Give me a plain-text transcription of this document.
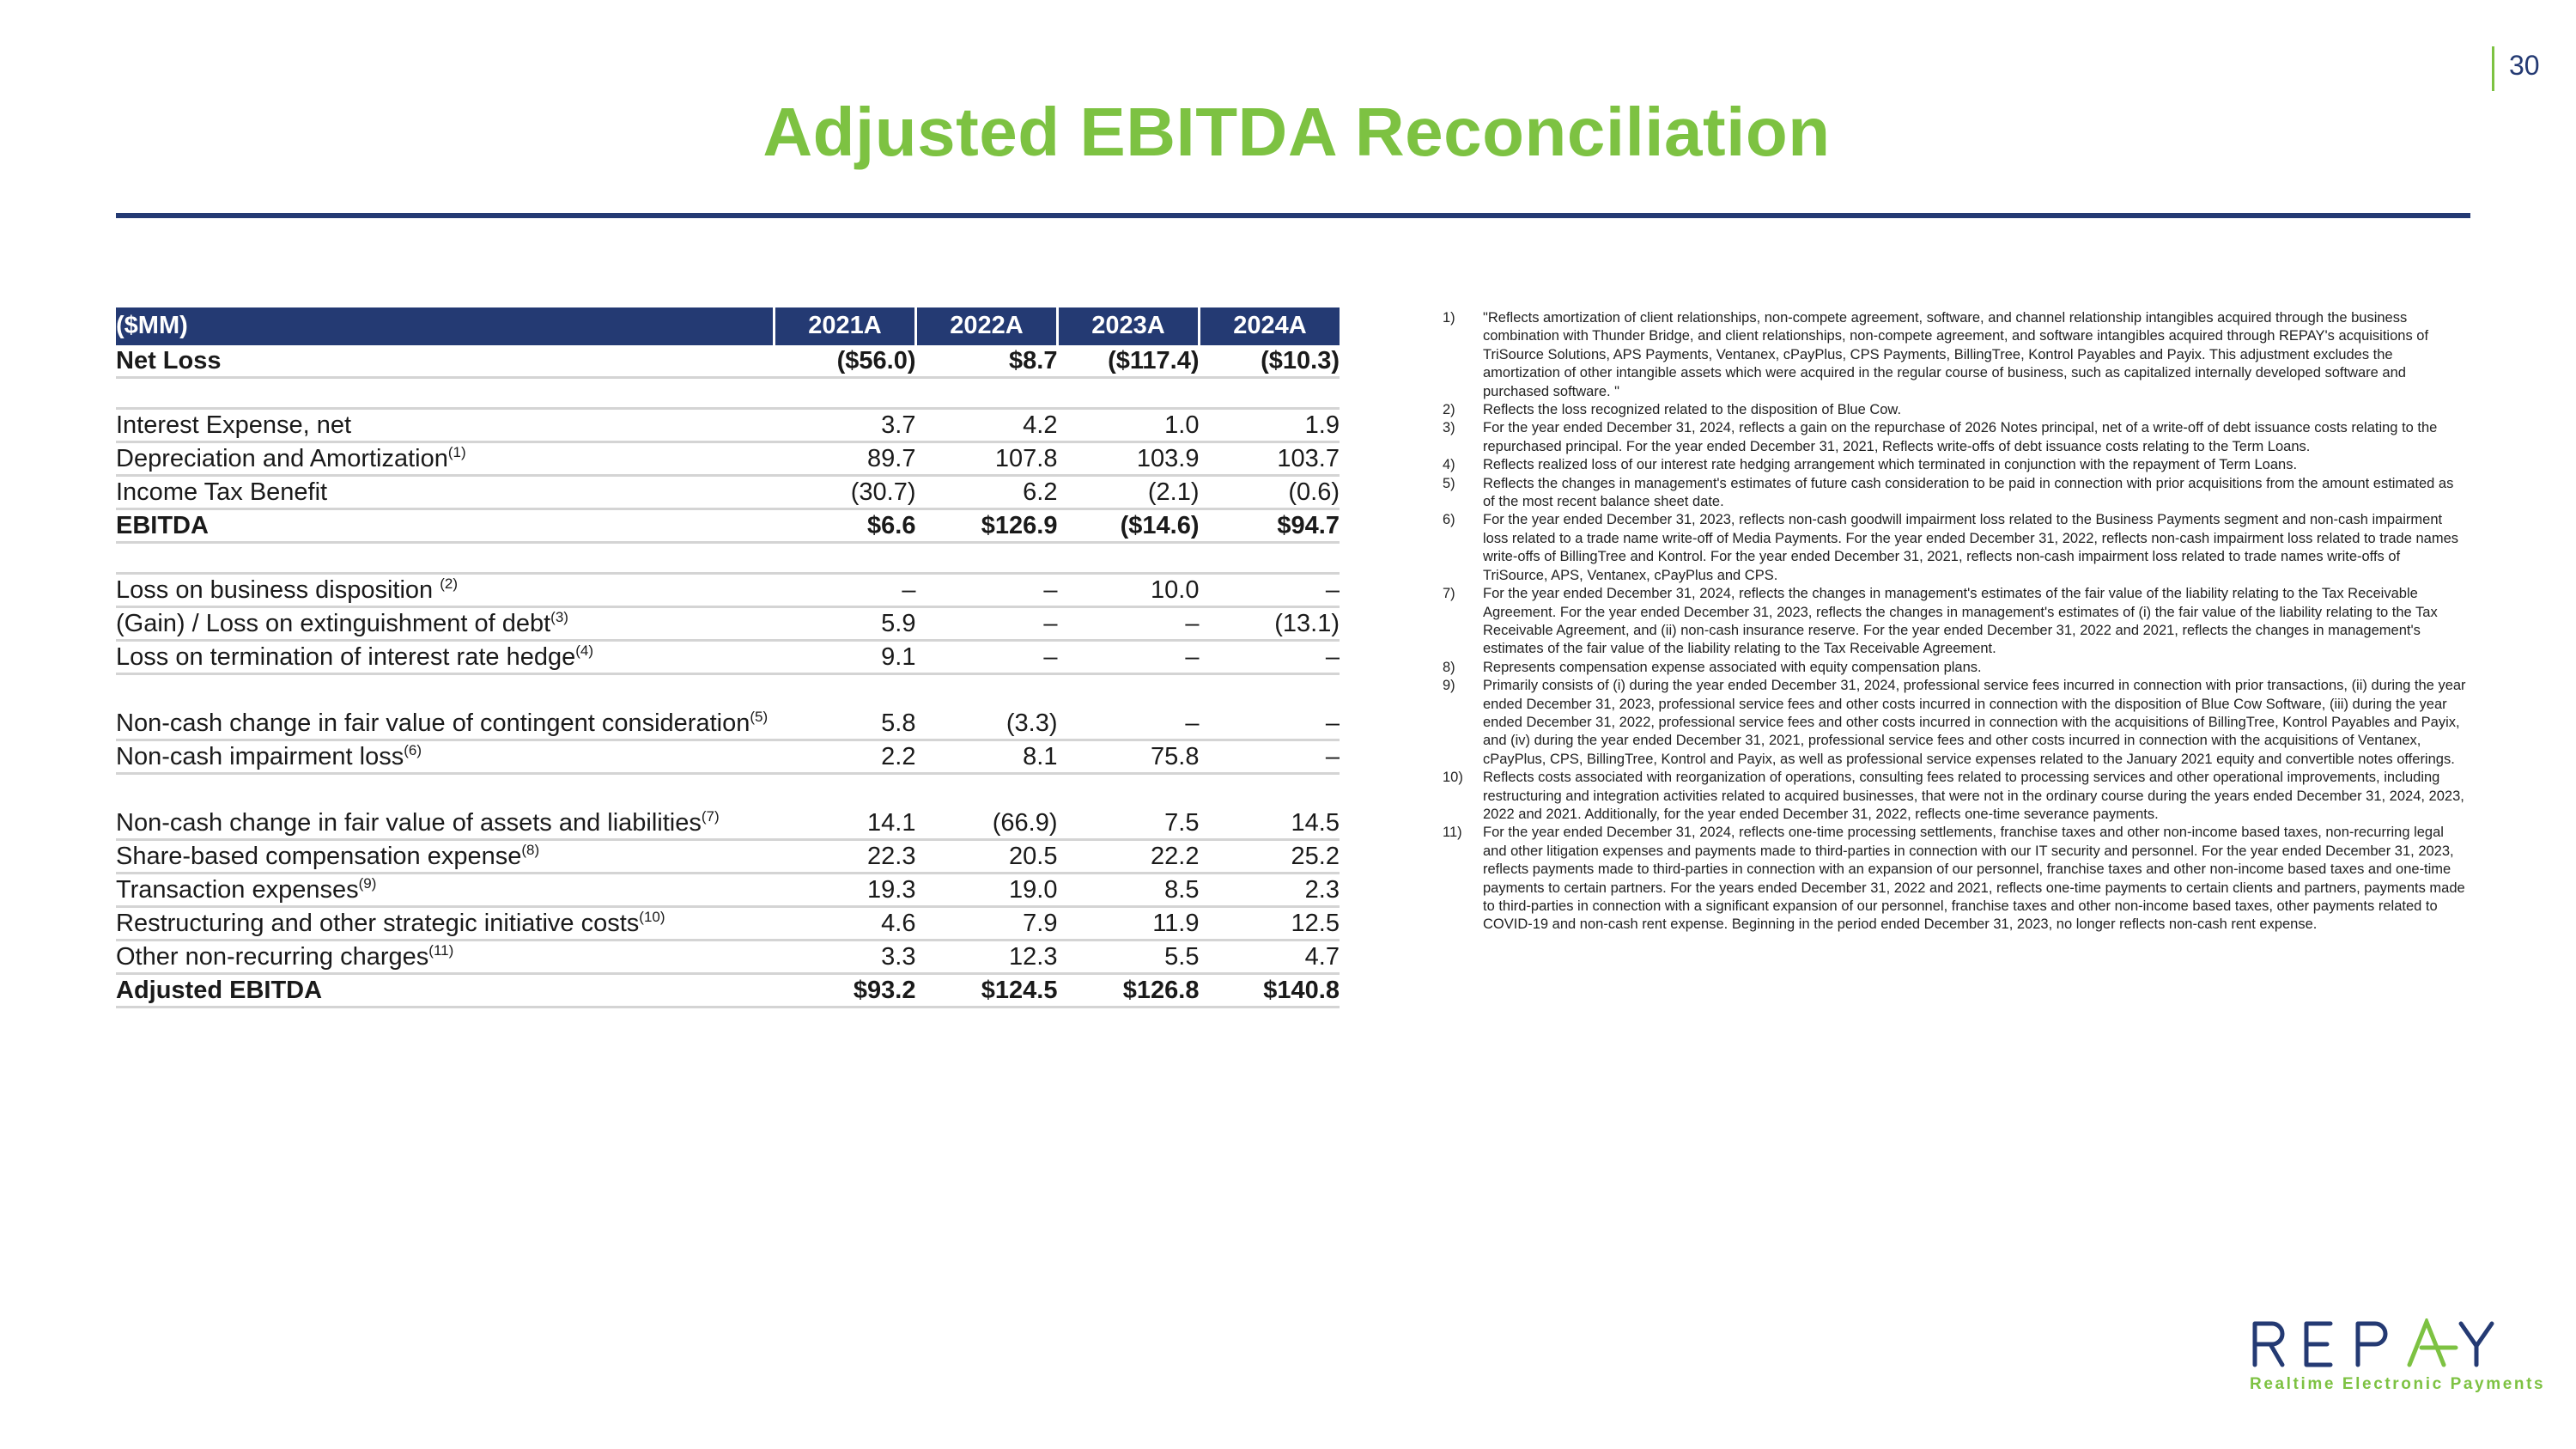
30
Adjusted EBITDA Reconciliation
($MM)	2021A	2022A	2023A	2024A
Net Loss	($56.0)	$8.7	($117.4)	($10.3)

Interest Expense, net	3.7	4.2	1.0	1.9
Depreciation and Amortization$^{(1)}$	89.7	107.8	103.9	103.7
Income Tax Benefit	(30.7)	6.2	(2.1)	(0.6)
EBITDA	$6.6	$126.9	($14.6)	$94.7

Loss on business disposition $^{(2)}$	–	–	10.0	–
(Gain) / Loss on extinguishment of debt$^{(3)}$	5.9	–	–	(13.1)
Loss on termination of interest rate hedge$^{(4)}$	9.1	–	–	–
Non-cash change in fair value of contingent consideration$^{(5)}$	5.8	(3.3)	–	–
Non-cash impairment loss$^{(6)}$	2.2	8.1	75.8	–
Non-cash change in fair value of assets and liabilities$^{(7)}$	14.1	(66.9)	7.5	14.5
Share-based compensation expense$^{(8)}$	22.3	20.5	22.2	25.2
Transaction expenses$^{(9)}$	19.3	19.0	8.5	2.3
Restructuring and other strategic initiative costs$^{(10)}$	4.6	7.9	11.9	12.5
Other non-recurring charges$^{(11)}$	3.3	12.3	5.5	4.7
Adjusted EBITDA	$93.2	$124.5	$126.8	$140.8
1)	"Reflects amortization of client relationships, non-compete agreement, software, and channel relationship intangibles acquired through the business combination with Thunder Bridge, and client relationships, non-compete agreement, and software intangibles acquired through REPAY's acquisitions of TriSource Solutions, APS Payments, Ventanex, cPayPlus, CPS Payments, BillingTree, Kontrol Payables and Payix. This adjustment excludes the amortization of other intangible assets which were acquired in the regular course of business, such as capitalized internally developed software and purchased software. "
2)	Reflects the loss recognized related to the disposition of Blue Cow.
3)	For the year ended December 31, 2024, reflects a gain on the repurchase of 2026 Notes principal, net of a write-off of debt issuance costs relating to the repurchased principal. For the year ended December 31, 2021, Reflects write-offs of debt issuance costs relating to the Term Loans.
4)	Reflects realized loss of our interest rate hedging arrangement which terminated in conjunction with the repayment of Term Loans.
5)	Reflects the changes in management's estimates of future cash consideration to be paid in connection with prior acquisitions from the amount estimated as of the most recent balance sheet date.
6)	For the year ended December 31, 2023, reflects non-cash goodwill impairment loss related to the Business Payments segment and non-cash impairment loss related to a trade name write-off of Media Payments. For the year ended December 31, 2022, reflects non-cash impairment loss related to trade names write-offs of BillingTree and Kontrol. For the year ended December 31, 2021, reflects non-cash impairment loss related to trade names write-offs of TriSource, APS, Ventanex, cPayPlus and CPS.
7)	For the year ended December 31, 2024, reflects the changes in management's estimates of the fair value of the liability relating to the Tax Receivable Agreement. For the year ended December 31, 2023, reflects the changes in management's estimates of (i) the fair value of the liability relating to the Tax Receivable Agreement, and (ii) non-cash insurance reserve. For the year ended December 31, 2022 and 2021, reflects the changes in management's estimates of the fair value of the liability relating to the Tax Receivable Agreement.
8)	Represents compensation expense associated with equity compensation plans.
9)	Primarily consists of (i) during the year ended December 31, 2024, professional service fees incurred in connection with prior transactions, (ii) during the year ended December 31, 2023, professional service fees and other costs incurred in connection with the disposition of Blue Cow Software, (iii) during the year ended December 31, 2022, professional service fees and other costs incurred in connection with the acquisitions of BillingTree, Kontrol Payables and Payix, and (iv) during the year ended December 31, 2021, professional service fees and other costs incurred in connection with the acquisitions of Ventanex, cPayPlus, CPS, BillingTree, Kontrol and Payix, as well as professional service expenses related to the January 2021 equity and convertible notes offerings.
10)	Reflects costs associated with reorganization of operations, consulting fees related to processing services and other operational improvements, including restructuring and integration activities related to acquired businesses, that were not in the ordinary course during the years ended December 31, 2024, 2023, 2022 and 2021. Additionally, for the year ended December 31, 2022, reflects one-time severance payments.
11)	For the year ended December 31, 2024, reflects one-time processing settlements, franchise taxes and other non-income based taxes, non-recurring legal and other litigation expenses and payments made to third-parties in connection with our IT security and personnel. For the year ended December 31, 2023, reflects payments made to third-parties in connection with an expansion of our personnel, franchise taxes and other non-income based taxes and one-time payments to certain partners. For the years ended December 31, 2022 and 2021, reflects one-time payments to certain clients and partners, payments made to third-parties in connection with a significant expansion of our personnel, franchise taxes and other non-income based taxes, other payments related to COVID-19 and non-cash rent expense. Beginning in the period ended December 31, 2023, no longer reflects non-cash rent expense.
Realtime Electronic Payments
